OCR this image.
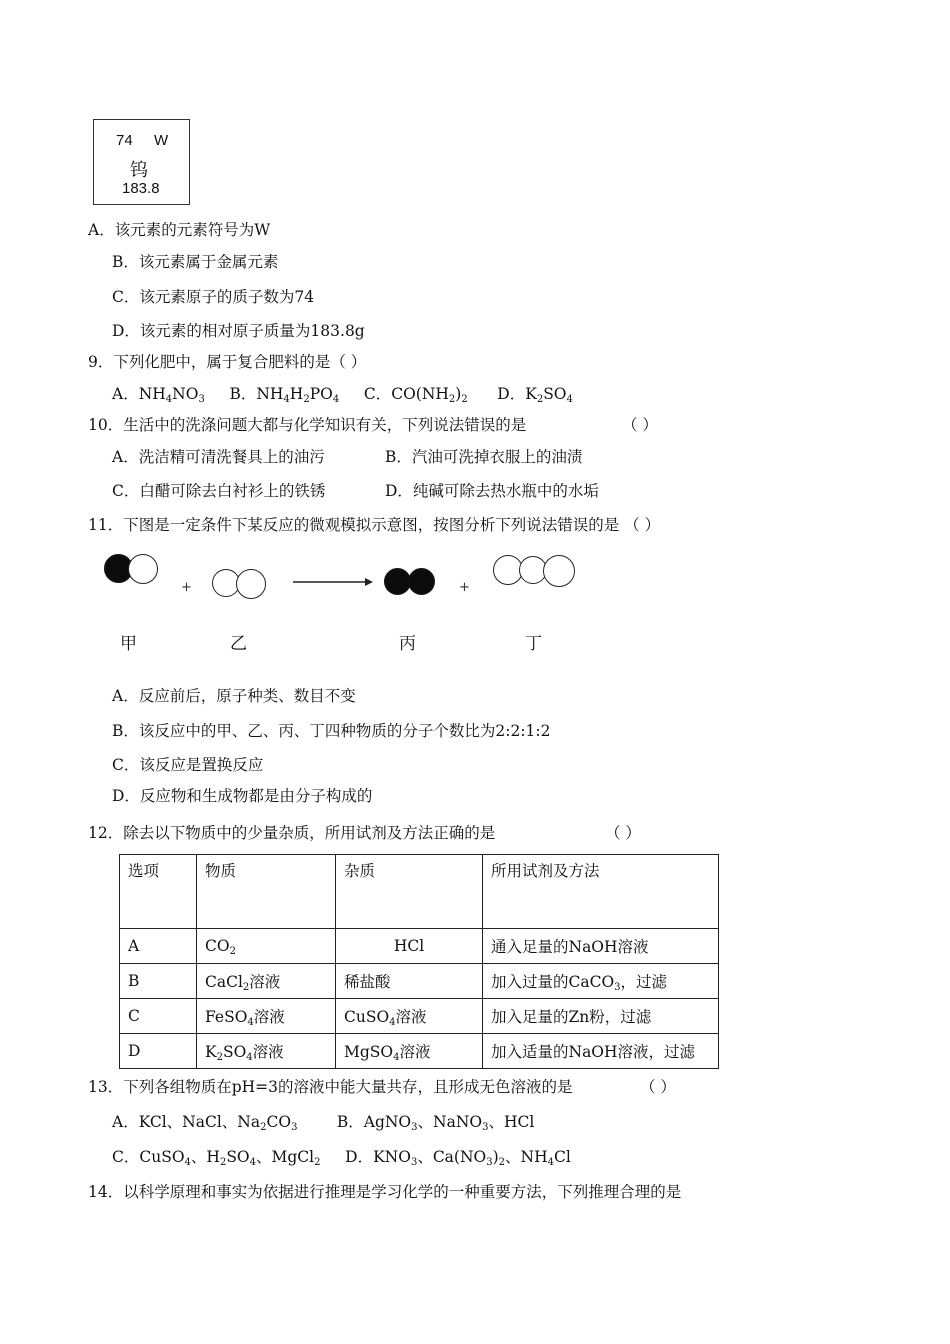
74 W
钨
183.8
A．该元素的元素符号为W
B．该元素属于金属元素
C．该元素原子的质子数为74
D．该元素的相对原子质量为183.8g
9．下列化肥中，属于复合肥料的是（ ）
A．$NH_4NO_3$     B．$NH_4H_2PO_4$     C．$CO(NH_2)_2$      D．$K_2SO_4$
10．生活中的洗涤问题大都与化学知识有关，下列说法错误的是	（ ）
A．洗洁精可清洗餐具上的油污	B．汽油可洗掉衣服上的油渍
C．白醋可除去白衬衫上的铁锈	D．纯碱可除去热水瓶中的水垢
11．下图是一定条件下某反应的微观模拟示意图，按图分析下列说法错误的是 （ ）
+	+
甲	乙	丙	丁
A．反应前后，原子种类、数目不变
B．该反应中的甲、乙、丙、丁四种物质的分子个数比为2:2:1:2
C．该反应是置换反应
D．反应物和生成物都是由分子构成的
12．除去以下物质中的少量杂质，所用试剂及方法正确的是	（ ）
选项	物质	杂质	所用试剂及方法
A	$CO_2$	HCl	通入足量的NaOH溶液
B	CaCl$_2$溶液	稀盐酸	加入过量的CaCO$_3$，过滤
C	FeSO$_4$溶液	CuSO$_4$溶液	加入足量的Zn粉，过滤
D	$K_2SO_4$溶液	MgSO$_4$溶液	加入适量的NaOH溶液，过滤
13．下列各组物质在pH=3的溶液中能大量共存，且形成无色溶液的是	（ ）
A．KCl、NaCl、$Na_2CO_3$        B．AgNO$_3$、NaNO$_3$、HCl
C．CuSO$_4$、$H_2SO_4$、MgCl$_2$     D．$KNO_3$、$Ca(NO_3)_2$、$NH_4Cl$
14．以科学原理和事实为依据进行推理是学习化学的一种重要方法，下列推理合理的是
